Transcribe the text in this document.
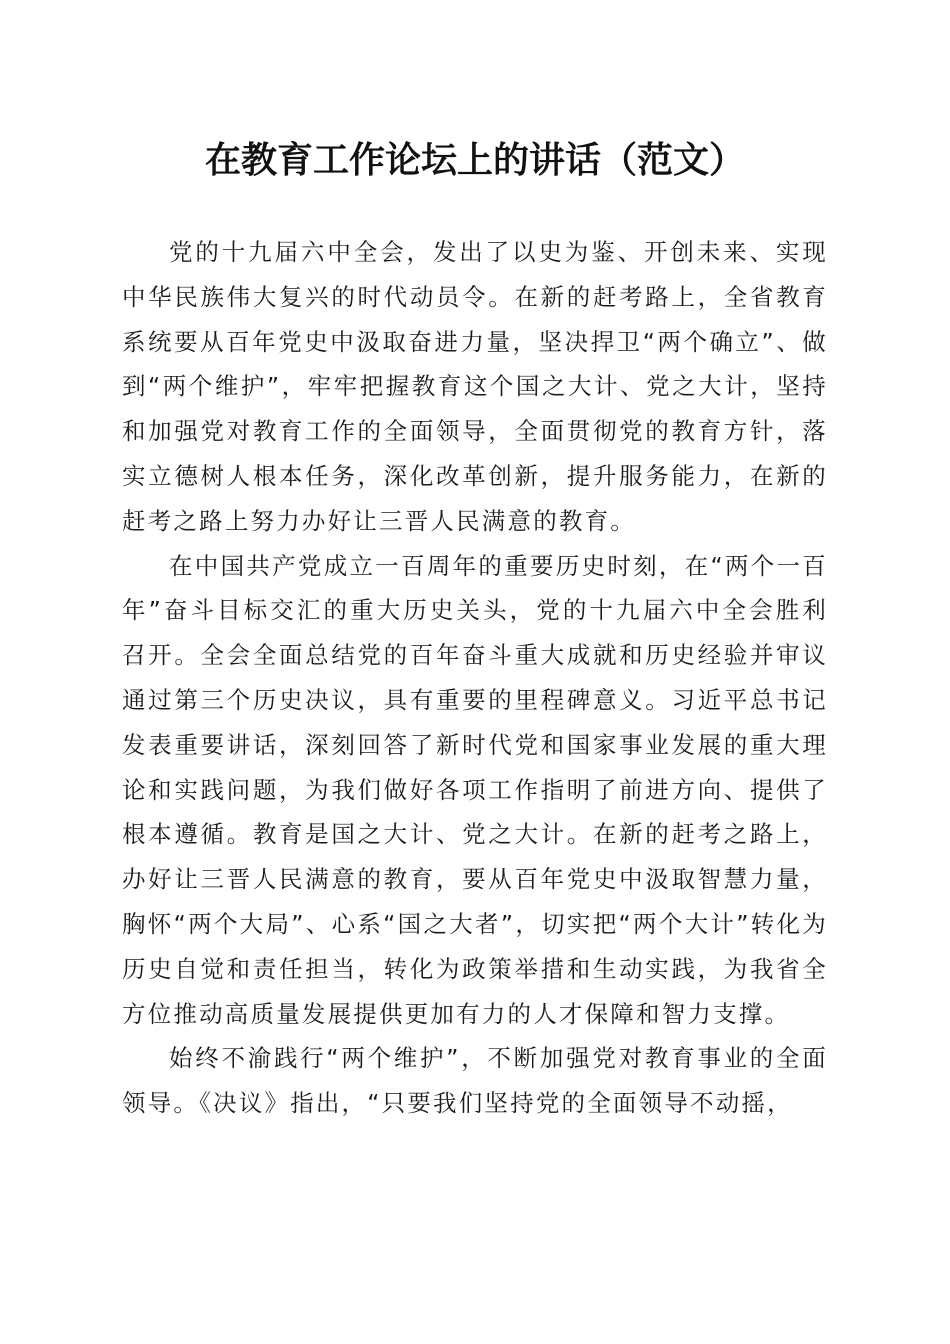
在教育工作论坛上的讲话（范文）

党的十九届六中全会，发出了以史为鉴、开创未来、实现中华民族伟大复兴的时代动员令。在新的赶考路上，全省教育系统要从百年党史中汲取奋进力量，坚决捍卫“两个确立”、做到“两个维护”，牢牢把握教育这个国之大计、党之大计，坚持和加强党对教育工作的全面领导，全面贯彻党的教育方针，落实立德树人根本任务，深化改革创新，提升服务能力，在新的赶考之路上努力办好让三晋人民满意的教育。

在中国共产党成立一百周年的重要历史时刻，在“两个一百年”奋斗目标交汇的重大历史关头，党的十九届六中全会胜利召开。全会全面总结党的百年奋斗重大成就和历史经验并审议通过第三个历史决议，具有重要的里程碑意义。习近平总书记发表重要讲话，深刻回答了新时代党和国家事业发展的重大理论和实践问题，为我们做好各项工作指明了前进方向、提供了根本遵循。教育是国之大计、党之大计。在新的赶考之路上，办好让三晋人民满意的教育，要从百年党史中汲取智慧力量，胸怀“两个大局”、心系“国之大者”，切实把“两个大计”转化为历史自觉和责任担当，转化为政策举措和生动实践，为我省全方位推动高质量发展提供更加有力的人才保障和智力支撑。

始终不渝践行“两个维护”，不断加强党对教育事业的全面领导。《决议》指出，“只要我们坚持党的全面领导不动摇，
